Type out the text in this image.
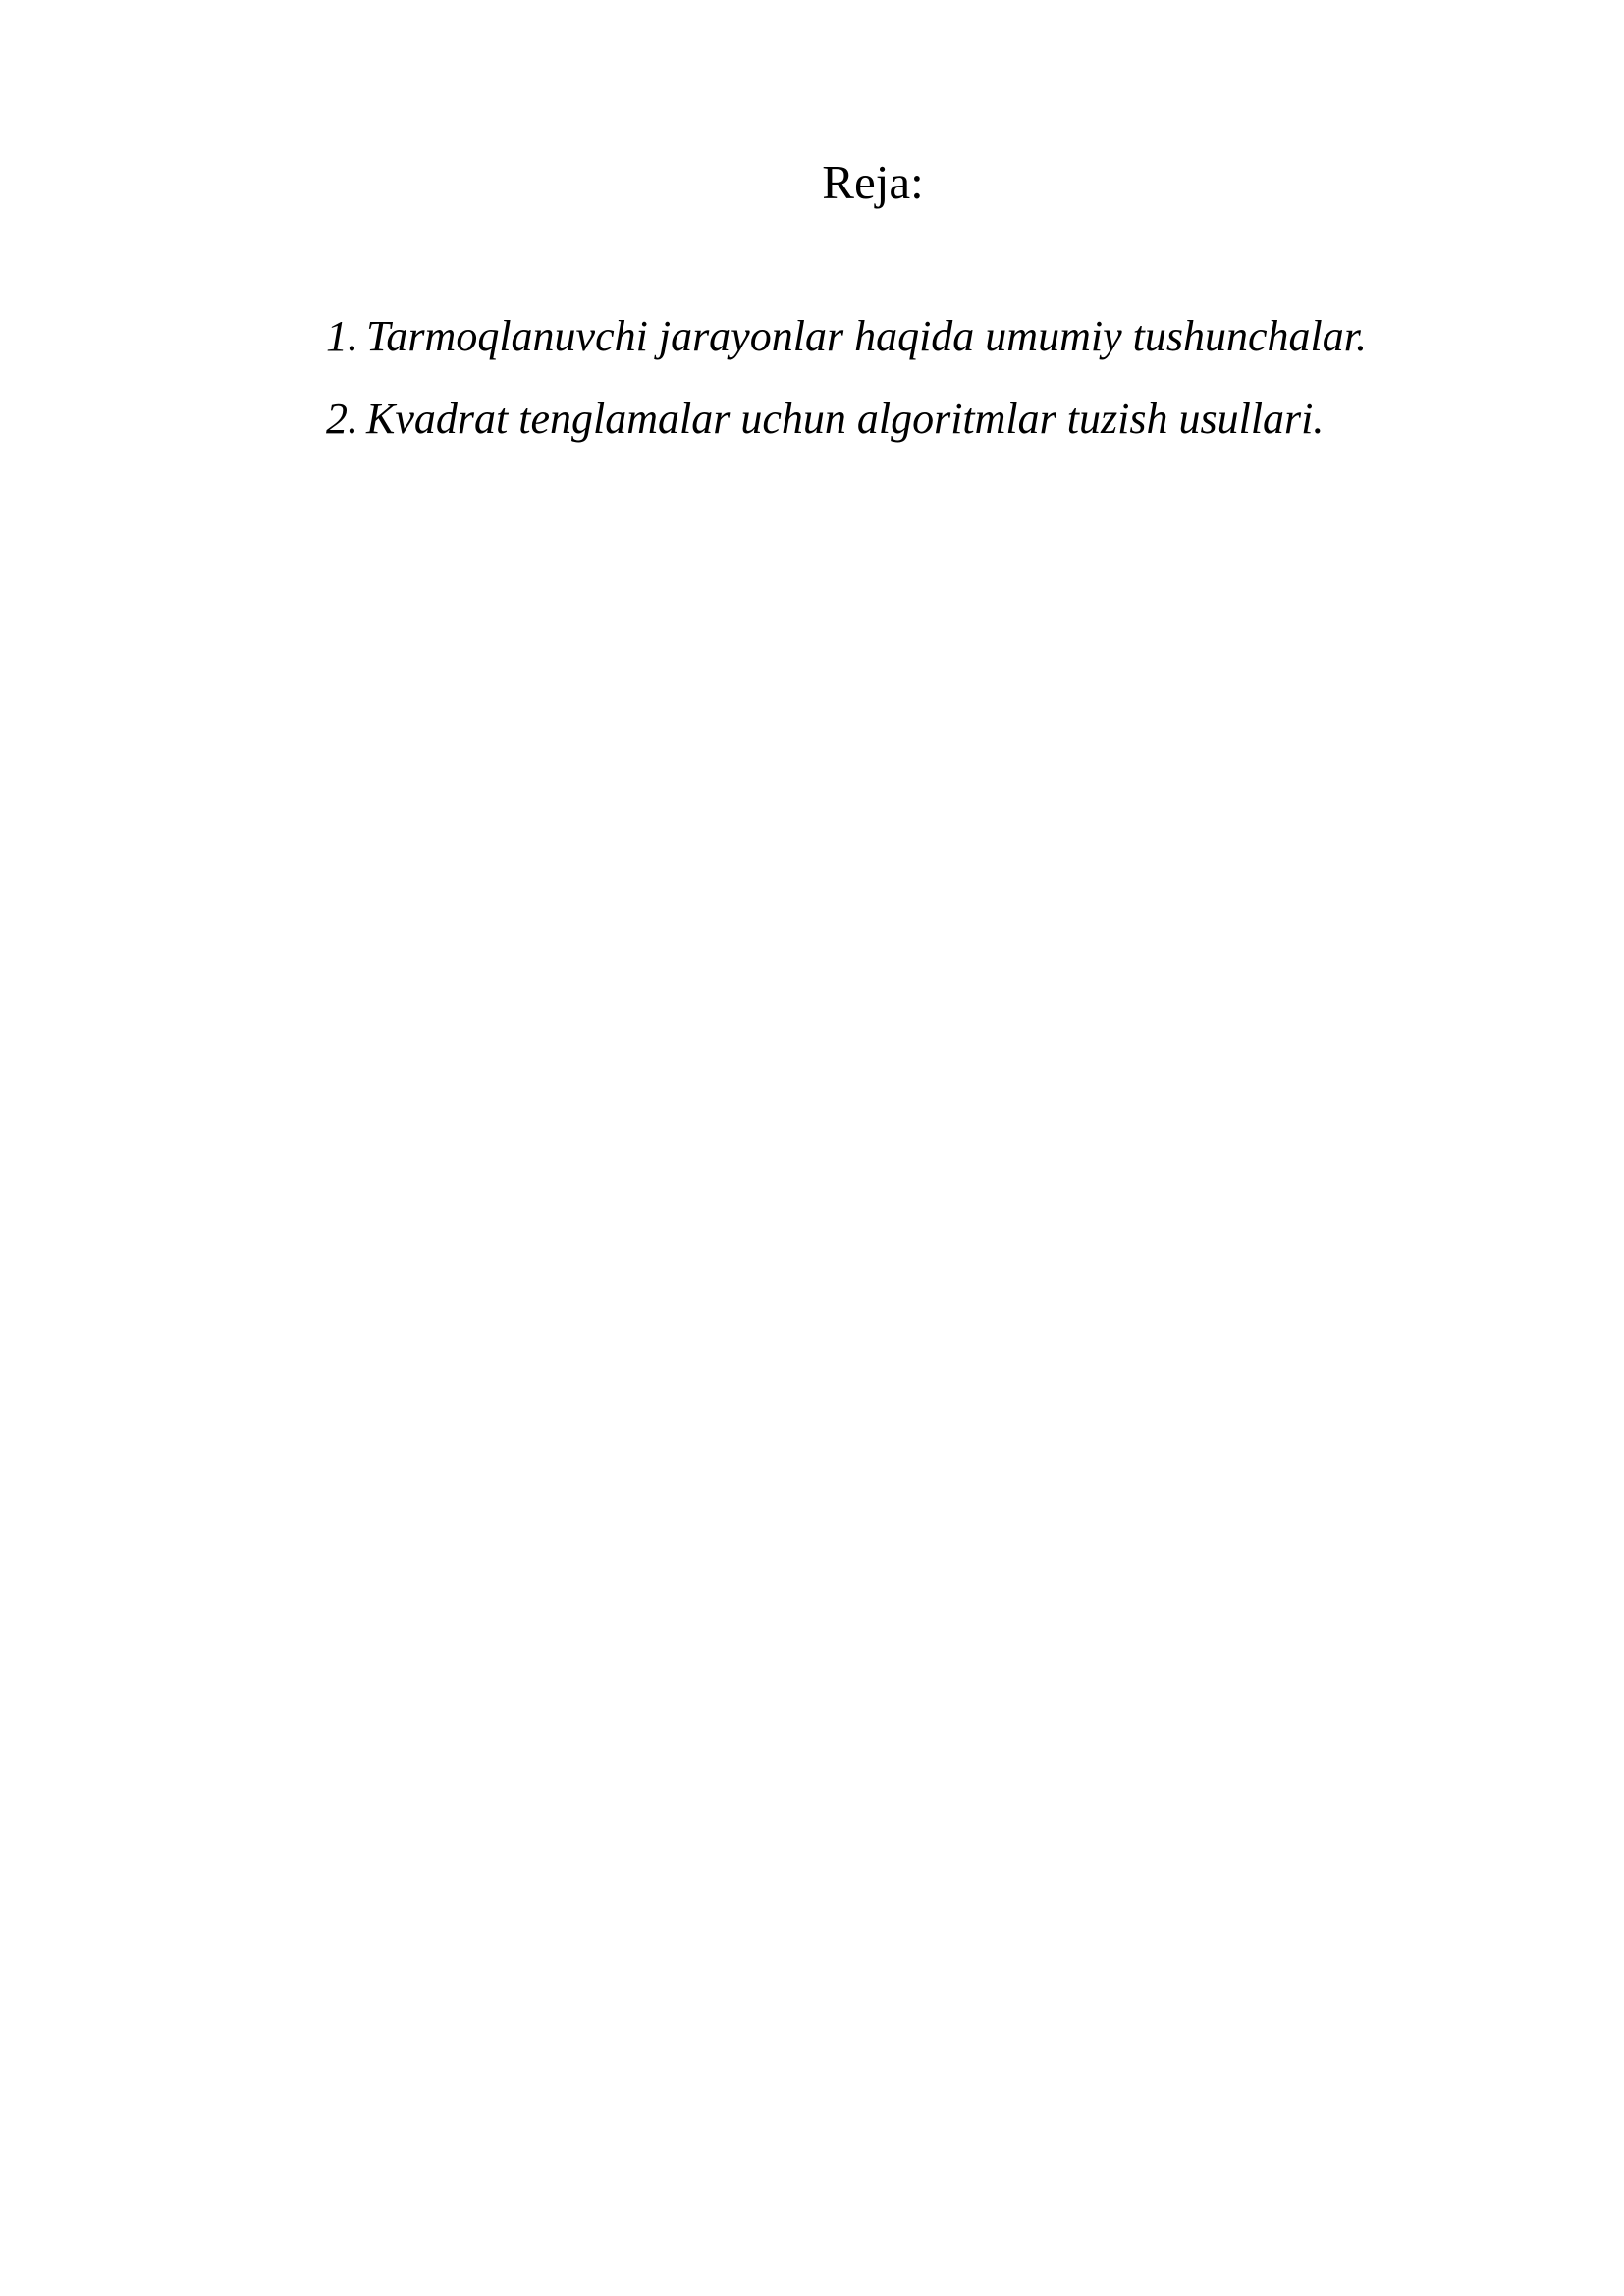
Reja:
1. Tarmoqlanuvchi jarayonlar haqida umumiy tushunchalar.
2. Kvadrat tenglamalar uchun algoritmlar tuzish usullari.
